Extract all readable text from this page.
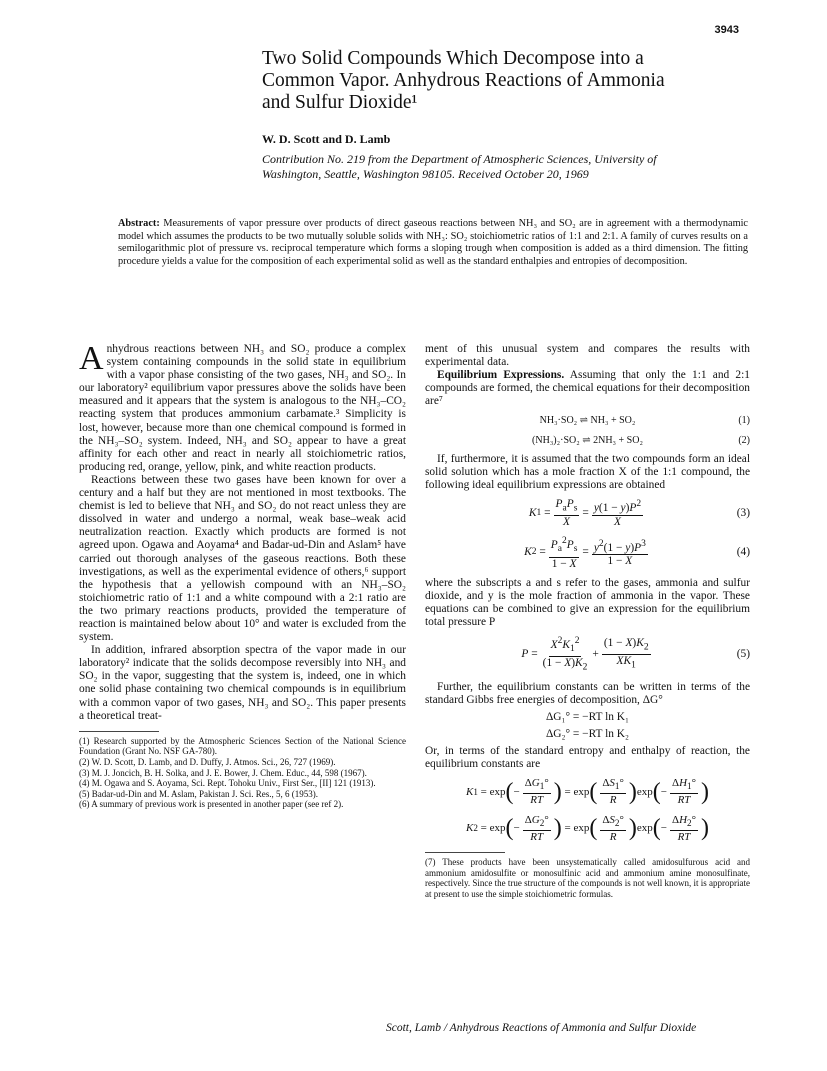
3943
Two Solid Compounds Which Decompose into a Common Vapor. Anhydrous Reactions of Ammonia and Sulfur Dioxide¹
W. D. Scott and D. Lamb
Contribution No. 219 from the Department of Atmospheric Sciences, University of Washington, Seattle, Washington 98105. Received October 20, 1969
Abstract: Measurements of vapor pressure over products of direct gaseous reactions between NH₃ and SO₂ are in agreement with a thermodynamic model which assumes the products to be two mutually soluble solids with NH₃: SO₂ stoichiometric ratios of 1:1 and 2:1. A family of curves results on a semilogarithmic plot of pressure vs. reciprocal temperature which forms a sloping trough when composition is added as a third dimension. The fitting procedure yields a value for the composition of each experimental solid as well as the standard enthalpies and entropies of decomposition.

Anhydrous reactions between NH₃ and SO₂ produce a complex system containing compounds in the solid state in equilibrium with a vapor phase consisting of the two gases, NH₃ and SO₂. In our laboratory² equilibrium vapor pressures above the solids have been measured and it appears that the system is analogous to the NH₃–CO₂ reacting system that produces ammonium carbamate.³ Simplicity is lost, however, because more than one chemical compound is formed in the NH₃–SO₂ system. Indeed, NH₃ and SO₂ appear to have a great affinity for each other and react in nearly all stoichiometric ratios, producing red, orange, yellow, pink, and white reaction products.

Reactions between these two gases have been known for over a century and a half but they are not mentioned in most textbooks. The chemist is led to believe that NH₃ and SO₂ do not react unless they are dissolved in water and undergo a normal, weak base–weak acid neutralization reaction. Exactly which products are formed is not agreed upon. Ogawa and Aoyama⁴ and Badar-ud-Din and Aslam⁵ have carried out thorough analyses of the gaseous reactions. Both these investigations, as well as the experimental evidence of others,⁶ support the hypothesis that a yellowish compound with an NH₃–SO₂ stoichiometric ratio of 1:1 and a white compound with a 2:1 ratio are the two primary reactions products, provided the temperature of reaction is maintained below about 10° and water is excluded from the system.

In addition, infrared absorption spectra of the vapor made in our laboratory² indicate that the solids decompose reversibly into NH₃ and SO₂ in the vapor, suggesting that the system is, indeed, one in which one solid phase containing two chemical compounds is in equilibrium with a common vapor of two gases, NH₃ and SO₂. This paper presents a theoretical treat-

(1) Research supported by the Atmospheric Sciences Section of the National Science Foundation (Grant No. NSF GA-780).

(2) W. D. Scott, D. Lamb, and D. Duffy, J. Atmos. Sci., 26, 727 (1969).

(3) M. J. Joncich, B. H. Solka, and J. E. Bower, J. Chem. Educ., 44, 598 (1967).

(4) M. Ogawa and S. Aoyama, Sci. Rept. Tohoku Univ., First Ser., [II] 121 (1913).

(5) Badar-ud-Din and M. Aslam, Pakistan J. Sci. Res., 5, 6 (1953).

(6) A summary of previous work is presented in another paper (see ref 2).

ment of this unusual system and compares the results with experimental data.

Equilibrium Expressions. Assuming that only the 1:1 and 2:1 compounds are formed, the chemical equations for their decomposition are⁷

NH₃·SO₂ ⇌ NH₃ + SO₂	(1)
(NH₃)₂·SO₂ ⇌ 2NH₃ + SO₂	(2)

If, furthermore, it is assumed that the two compounds form an ideal solid solution which has a mole fraction X of the 1:1 compound, the following ideal equilibrium expressions are obtained

K $1 = \frac{P_aP_s}{X} = \frac{y(1 - y)P^2}{X}$	(3)
K $2 = \frac{P_a^2P_s}{1 - X} = \frac{y^2(1 - y)P^3}{1 - X}$	(4)

where the subscripts a and s refer to the gases, ammonia and sulfur dioxide, and y is the mole fraction of ammonia in the vapor. These equations can be combined to give an expression for the equilibrium total pressure P

$P = \frac{X^2K_1^2}{(1 - X)K_2} + \frac{(1 - X)K_2}{XK_1}$	(5)

Further, the equilibrium constants can be written in terms of the standard Gibbs free energies of decomposition, ΔG°

ΔG₁° = −RT ln K₁
ΔG₂° = −RT ln K₂

Or, in terms of the standard entropy and enthalpy of reaction, the equilibrium constants are

K 1 = exp ( − $\frac{\Delta G_1^\circ}{RT}$ ) = exp ( $\frac{\Delta S_1^\circ}{R}$ ) exp ( − $\frac{\Delta H_1^\circ}{RT}$ )
K 2 = exp ( − $\frac{\Delta G_2^\circ}{RT}$ ) = exp ( $\frac{\Delta S_2^\circ}{R}$ ) exp ( − $\frac{\Delta H_2^\circ}{RT}$ )

(7) These products have been unsystematically called amidosulfurous acid and ammonium amidosulfite or monosulfinic acid and ammonium amine monosulfinate, respectively. Since the true structure of the compounds is not well known, it is appropriate at present to use the simple stoichiometric formulas.

Scott, Lamb / Anhydrous Reactions of Ammonia and Sulfur Dioxide
